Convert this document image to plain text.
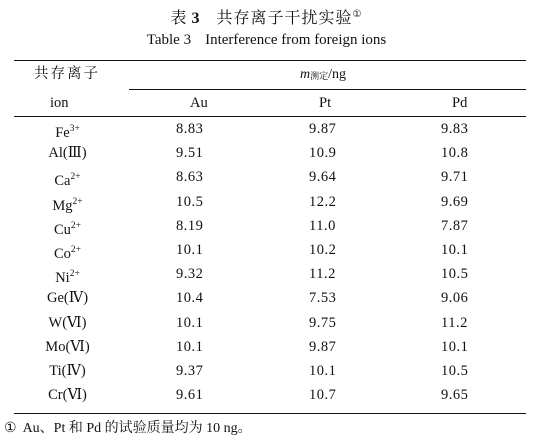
表 3 共存离子干扰实验①
Table 3 Interference from foreign ions
共存离子
ion
$m_{测定}/ng$
Au	Pt	Pd
$Fe^{3+}$	8.83	9.87	9.83
Al(Ⅲ)	9.51	10.9	10.8
$Ca^{2+}$	8.63	9.64	9.71
$Mg^{2+}$	10.5	12.2	9.69
$Cu^{2+}$	8.19	11.0	7.87
$Co^{2+}$	10.1	10.2	10.1
$Ni^{2+}$	9.32	11.2	10.5
Ge(Ⅳ)	10.4	7.53	9.06
W(Ⅵ)	10.1	9.75	11.2
Mo(Ⅵ)	10.1	9.87	10.1
Ti(Ⅳ)	9.37	10.1	10.5
Cr(Ⅵ)	9.61	10.7	9.65
① Au、Pt 和 Pd 的试验质量均为 10 ng。
